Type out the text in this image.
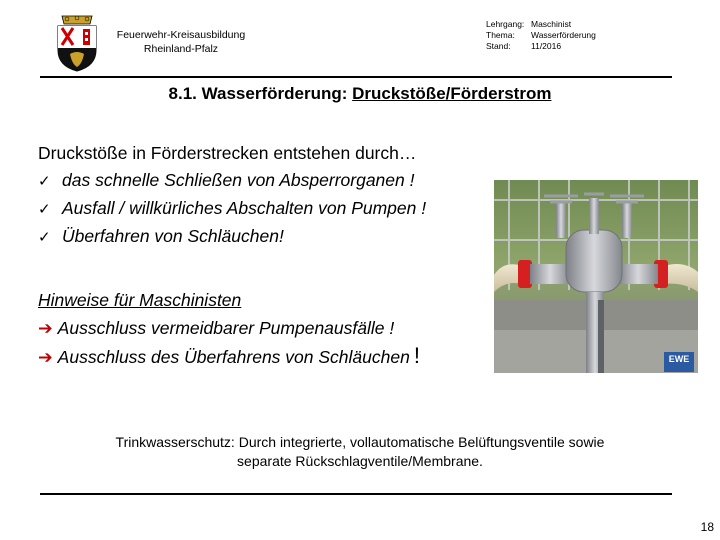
Feuerwehr-Kreisausbildung
Rheinland-Pfalz
Lehrgang: Maschinist
Thema:	Wasserförderung
Stand:	11/2016
8.1. Wasserförderung: Druckstöße/Förderstrom
Druckstöße in Förderstrecken entstehen durch…
✓ das schnelle Schließen von Absperrorganen !
✓ Ausfall / willkürliches Abschalten von Pumpen !
✓ Überfahren von Schläuchen!
Hinweise für Maschinisten
➔ Ausschluss vermeidbarer Pumpenausfälle !
➔ Ausschluss des Überfahrens von Schläuchen !	EWE
Trinkwasserschutz: Durch integrierte, vollautomatische Belüftungsventile sowie
separate Rückschlagventile/Membrane.
18
